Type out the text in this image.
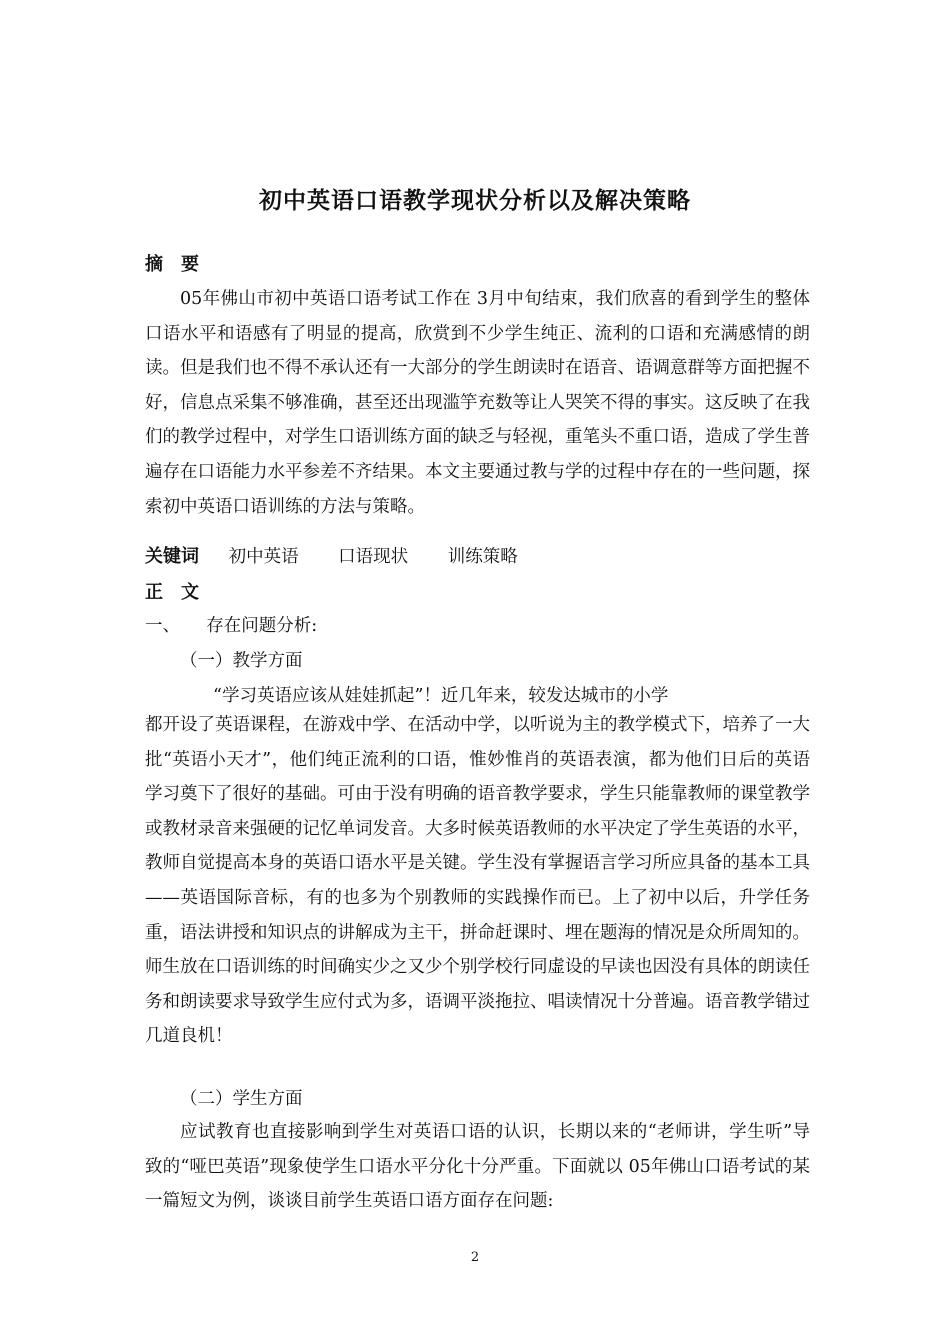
初中英语口语教学现状分析以及解决策略
摘　要

05年佛山市初中英语口语考试工作在 3月中旬结束，我们欣喜的看到学生的整体口语水平和语感有了明显的提高，欣赏到不少学生纯正、流利的口语和充满感情的朗读。但是我们也不得不承认还有一大部分的学生朗读时在语音、语调意群等方面把握不好，信息点采集不够准确，甚至还出现滥竽充数等让人哭笑不得的事实。这反映了在我们的教学过程中，对学生口语训练方面的缺乏与轻视，重笔头不重口语，造成了学生普遍存在口语能力水平参差不齐结果。本文主要通过教与学的过程中存在的一些问题，探索初中英语口语训练的方法与策略。

关键词 初中英语 口语现状 训练策略
正　文
一、　　存在问题分析:
（一）教学方面
“学习英语应该从娃娃抓起”！近几年来，较发达城市的小学

都开设了英语课程，在游戏中学、在活动中学，以听说为主的教学模式下，培养了一大批“英语小天才”，他们纯正流利的口语，惟妙惟肖的英语表演，都为他们日后的英语学习奠下了很好的基础。可由于没有明确的语音教学要求，学生只能靠教师的课堂教学或教材录音来强硬的记忆单词发音。大多时候英语教师的水平决定了学生英语的水平，教师自觉提高本身的英语口语水平是关键。学生没有掌握语言学习所应具备的基本工具——英语国际音标，有的也多为个别教师的实践操作而已。上了初中以后，升学任务重，语法讲授和知识点的讲解成为主干，拼命赶课时、埋在题海的情况是众所周知的。师生放在口语训练的时间确实少之又少个别学校行同虚设的早读也因没有具体的朗读任务和朗读要求导致学生应付式为多，语调平淡拖拉、唱读情况十分普遍。语音教学错过几道良机！

（二）学生方面

应试教育也直接影响到学生对英语口语的认识，长期以来的“老师讲，学生听”导致的“哑巴英语”现象使学生口语水平分化十分严重。下面就以 05年佛山口语考试的某一篇短文为例，谈谈目前学生英语口语方面存在问题:

2
